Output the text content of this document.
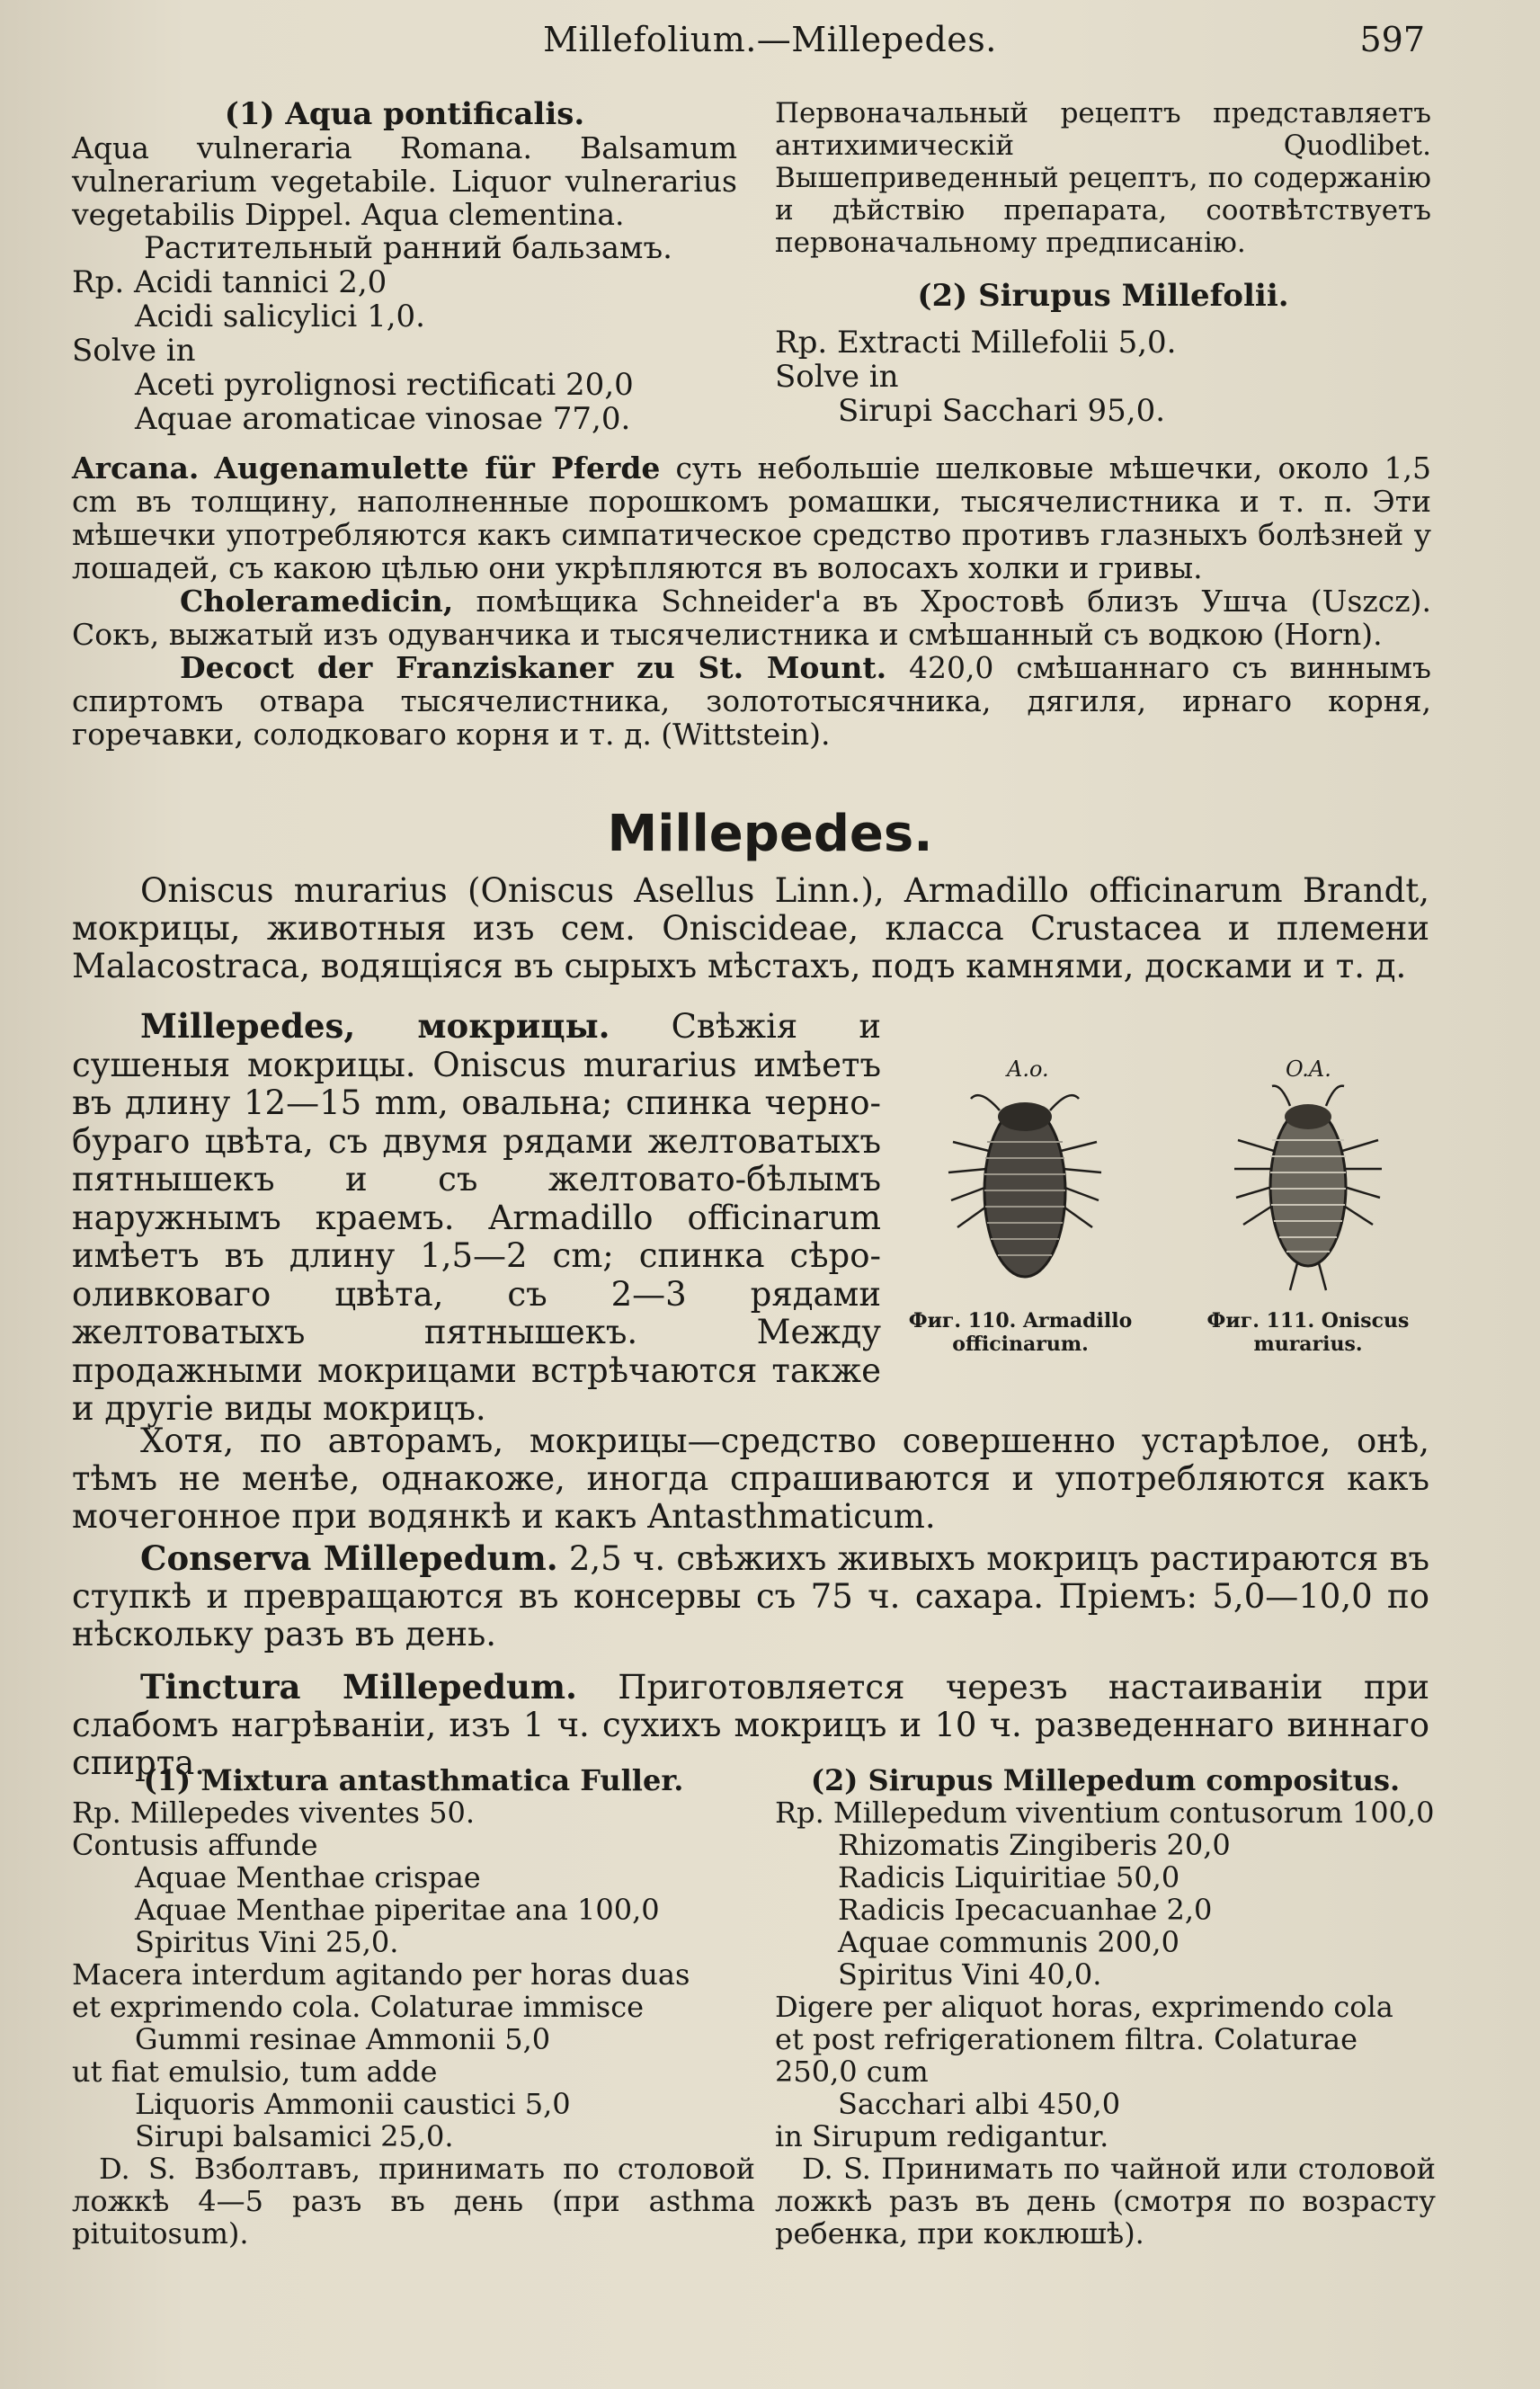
Millefolium.—Millepedes.	597
(1) Aqua pontificalis.
Aqua vulneraria Romana. Balsamum vulnerarium vegetabile. Liquor vulnerarius vegetabilis Dippel. Aqua clementina.
Растительный ранний бальзамъ.
Rp. Acidi tannici 2,0
Acidi salicylici 1,0.
Solve in
Aceti pyrolignosi rectificati 20,0
Aquae aromaticae vinosae 77,0.
Первоначальный рецептъ представляетъ антихимическій Quodlibet. Вышеприведенный рецептъ, по содержанію и дѣйствію препарата, соотвѣтствуетъ первоначальному предписанію.
(2) Sirupus Millefolii.
Rp. Extracti Millefolii 5,0.
Solve in
Sirupi Sacchari 95,0.
Arcana. Augenamulette für Pferde суть небольшіе шелковые мѣшечки, около 1,5 cm въ толщину, наполненные порошкомъ ромашки, тысячелистника и т. п. Эти мѣшечки употребляются какъ симпатическое средство противъ глазныхъ болѣзней у лошадей, съ какою цѣлью они укрѣпляются въ волосахъ холки и гривы.
Choleramedicin, помѣщика Schneider'a въ Хростовѣ близъ Ушча (Uszcz). Сокъ, выжатый изъ одуванчика и тысячелистника и смѣшанный съ водкою (Horn).
Decoct der Franziskaner zu St. Mount. 420,0 смѣшаннаго съ виннымъ спиртомъ отвара тысячелистника, золототысячника, дягиля, ирнаго корня, горечавки, солодковаго корня и т. д. (Wittstein).
Millepedes.
Oniscus murarius (Oniscus Asellus Linn.), Armadillo officinarum Brandt, мокрицы, животныя изъ сем. Oniscideae, класса Crustacea и племени Malacostraca, водящіяся въ сырыхъ мѣстахъ, подъ камнями, досками и т. д.
Millepedes, мокрицы. Свѣжія и сушеныя мокрицы. Oniscus murarius имѣетъ въ длину 12—15 mm, овальна; спинка черно-бураго цвѣта, съ двумя рядами желтоватыхъ пятнышекъ и съ желтовато-бѣлымъ наружнымъ краемъ. Armadillo officinarum имѣетъ въ длину 1,5—2 cm; спинка сѣро-оливковаго цвѣта, съ 2—3 рядами желтоватыхъ пятнышекъ. Между продажными мокрицами встрѣчаются также и другіе виды мокрицъ.
A.o.
Фиг. 110. Armadillo officinarum.
O.A.
Фиг. 111. Oniscus murarius.
Хотя, по авторамъ, мокрицы—средство совершенно устарѣлое, онѣ, тѣмъ не менѣе, однакоже, иногда спрашиваются и употребляются какъ мочегонное при водянкѣ и какъ Antasthmaticum.
Conserva Millepedum. 2,5 ч. свѣжихъ живыхъ мокрицъ растираются въ ступкѣ и превращаются въ консервы съ 75 ч. сахара. Пріемъ: 5,0—10,0 по нѣскольку разъ въ день.
Tinctura Millepedum. Приготовляется черезъ настаиваніи при слабомъ нагрѣваніи, изъ 1 ч. сухихъ мокрицъ и 10 ч. разведеннаго виннаго спирта.
(1) Mixtura antasthmatica Fuller.
Rp. Millepedes viventes 50.
Contusis affunde
Aquae Menthae crispae
Aquae Menthae piperitae ana 100,0
Spiritus Vini 25,0.
Macera interdum agitando per horas duas
et exprimendo cola. Colaturae immisce
Gummi resinae Ammonii 5,0
ut fiat emulsio, tum adde
Liquoris Ammonii caustici 5,0
Sirupi balsamici 25,0.
D. S. Взболтавъ, принимать по столовой ложкѣ 4—5 разъ въ день (при asthma pituitosum).
(2) Sirupus Millepedum compositus.
Rp. Millepedum viventium contusorum 100,0
Rhizomatis Zingiberis 20,0
Radicis Liquiritiae 50,0
Radicis Ipecacuanhae 2,0
Aquae communis 200,0
Spiritus Vini 40,0.
Digere per aliquot horas, exprimendo cola
et post refrigerationem filtra. Colaturae
250,0 cum
Sacchari albi 450,0
in Sirupum redigantur.
D. S. Принимать по чайной или столовой ложкѣ разъ въ день (смотря по возрасту ребенка, при коклюшѣ).
